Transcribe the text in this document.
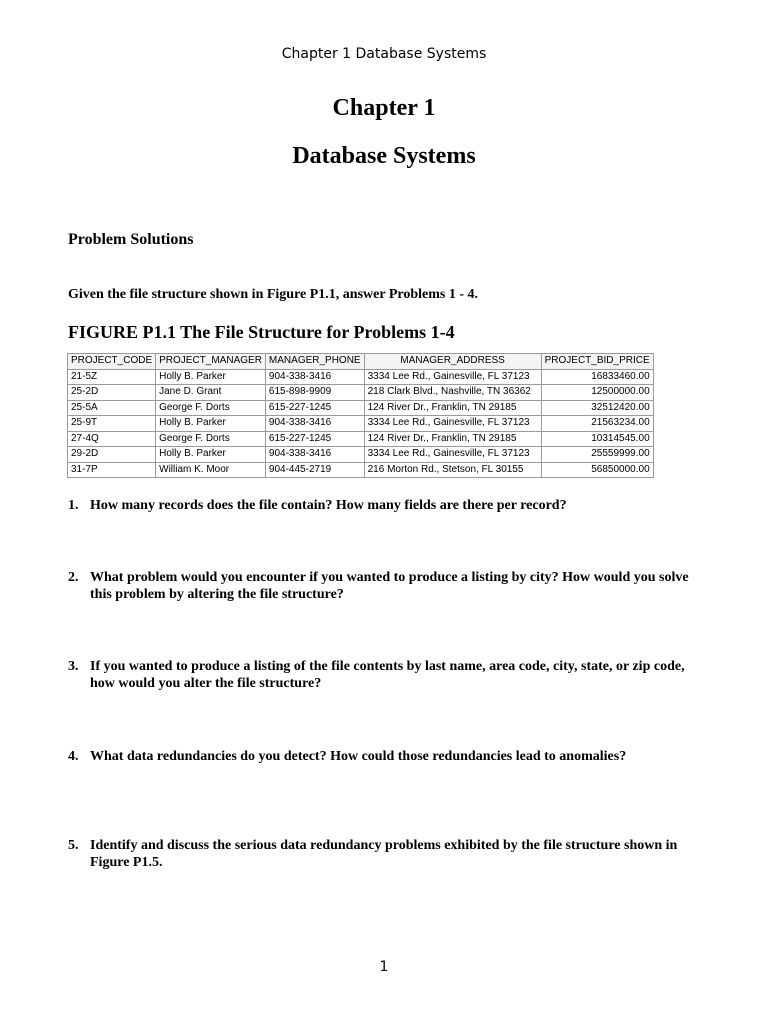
Chapter 1 Database Systems
Chapter 1
Database Systems
Problem Solutions
Given the file structure shown in Figure P1.1, answer Problems 1 - 4.
FIGURE P1.1 The File Structure for Problems 1-4
PROJECT_CODE	PROJECT_MANAGER	MANAGER_PHONE	MANAGER_ADDRESS	PROJECT_BID_PRICE
21-5Z	Holly B. Parker	904-338-3416	3334 Lee Rd., Gainesville, FL 37123	16833460.00
25-2D	Jane D. Grant	615-898-9909	218 Clark Blvd., Nashville, TN 36362	12500000.00
25-5A	George F. Dorts	615-227-1245	124 River Dr., Franklin, TN 29185	32512420.00
25-9T	Holly B. Parker	904-338-3416	3334 Lee Rd., Gainesville, FL 37123	21563234.00
27-4Q	George F. Dorts	615-227-1245	124 River Dr., Franklin, TN 29185	10314545.00
29-2D	Holly B. Parker	904-338-3416	3334 Lee Rd., Gainesville, FL 37123	25559999.00
31-7P	William K. Moor	904-445-2719	216 Morton Rd., Stetson, FL 30155	56850000.00
1. How many records does the file contain? How many fields are there per record?
2. What problem would you encounter if you wanted to produce a listing by city? How would you solve this problem by altering the file structure?
3. If you wanted to produce a listing of the file contents by last name, area code, city, state, or zip code, how would you alter the file structure?
4. What data redundancies do you detect? How could those redundancies lead to anomalies?
5. Identify and discuss the serious data redundancy problems exhibited by the file structure shown in Figure P1.5.
1
